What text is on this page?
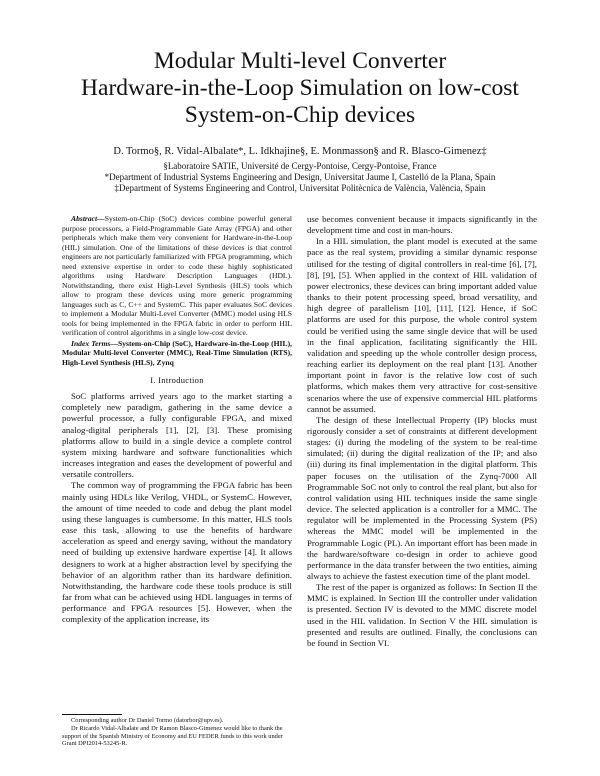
Modular Multi-level Converter
Hardware-in-the-Loop Simulation on low-cost
System-on-Chip devices
D. Tormo§, R. Vidal-Albalate*, L. Idkhajine§, E. Monmasson§ and R. Blasco-Gimenez‡
§Laboratoire SATIE, Université de Cergy-Pontoise, Cergy-Pontoise, France
*Department of Industrial Systems Engineering and Design, Universitat Jaume I, Castelló de la Plana, Spain
‡Department of Systems Engineering and Control, Universitat Politècnica de València, València, Spain

Abstract—System-on-Chip (SoC) devices combine powerful general purpose processors, a Field-Programmable Gate Array (FPGA) and other peripherals which make them very convenient for Hardware-in-the-Loop (HIL) simulation. One of the limitations of these devices is that control engineers are not particularly familiarized with FPGA programming, which need extensive expertise in order to code these highly sophisticated algorithms using Hardware Description Languages (HDL). Notwithstanding, there exist High-Level Synthesis (HLS) tools which allow to program these devices using more generic programming languages such as C, C++ and SystemC. This paper evaluates SoC devices to implement a Modular Multi-Level Converter (MMC) model using HLS tools for being implemented in the FPGA fabric in order to perform HIL verification of control algorithms in a single low-cost device.

Index Terms—System-on-Chip (SoC), Hardware-in-the-Loop (HIL), Modular Multi-level Converter (MMC), Real-Time Simulation (RTS), High-Level Synthesis (HLS), Zynq

I. Introduction

SoC platforms arrived years ago to the market starting a completely new paradigm, gathering in the same device a powerful processor, a fully configurable FPGA, and mixed analog-digital peripherals [1], [2], [3]. These promising platforms allow to build in a single device a complete control system mixing hardware and software functionalities which increases integration and eases the development of powerful and versatile controllers.

The common way of programming the FPGA fabric has been mainly using HDLs like Verilog, VHDL, or SystemC. However, the amount of time needed to code and debug the plant model using these languages is cumbersome. In this matter, HLS tools ease this task, allowing to use the benefits of hardware acceleration as speed and energy saving, without the mandatory need of building up extensive hardware expertise [4]. It allows designers to work at a higher abstraction level by specifying the behavior of an algorithm rather than its hardware definition. Notwithstanding, the hardware code these tools produce is still far from what can be achieved using HDL languages in terms of performance and FPGA resources [5]. However, when the complexity of the application increase, its

Corresponding author Dr Daniel Tormo (datorbor@upv.es).
Dr Ricardo Vidal-Albalate and Dr Ramon Blasco-Gimenez would like to thank the support of the Spanish Ministry of Economy and EU FEDER funds to this work under Grant DPI2014-53245-R.

use becomes convenient because it impacts significantly in the development time and cost in man-hours.

In a HIL simulation, the plant model is executed at the same pace as the real system, providing a similar dynamic response utilised for the testing of digital controllers in real-time [6], [7], [8], [9], [5]. When applied in the context of HIL validation of power electronics, these devices can bring important added value thanks to their potent processing speed, broad versatility, and high degree of parallelism [10], [11], [12]. Hence, if SoC platforms are used for this purpose, the whole control system could be verified using the same single device that will be used in the final application, facilitating significantly the HIL validation and speeding up the whole controller design process, reaching earlier its deployment on the real plant [13]. Another important point in favor is the relative low cost of such platforms, which makes them very attractive for cost-sensitive scenarios where the use of expensive commercial HIL platforms cannot be assumed.

The design of these Intellectual Property (IP) blocks must rigorously consider a set of constraints at different development stages: (i) during the modeling of the system to be real-time simulated; (ii) during the digital realization of the IP; and also (iii) during its final implementation in the digital platform. This paper focuses on the utilisation of the Zynq-7000 All Programmable SoC not only to control the real plant, but also for control validation using HIL techniques inside the same single device. The selected application is a controller for a MMC. The regulator will be implemented in the Processing System (PS) whereas the MMC model will be implemented in the Programmable Logic (PL). An important effort has been made in the hardware/software co-design in order to achieve good performance in the data transfer between the two entities, aiming always to achieve the fastest execution time of the plant model.

The rest of the paper is organized as follows: In Section II the MMC is explained. In Section III the controller under validation is presented. Section IV is devoted to the MMC discrete model used in the HIL validation. In Section V the HIL simulation is presented and results are outlined. Finally, the conclusions can be found in Section VI.
